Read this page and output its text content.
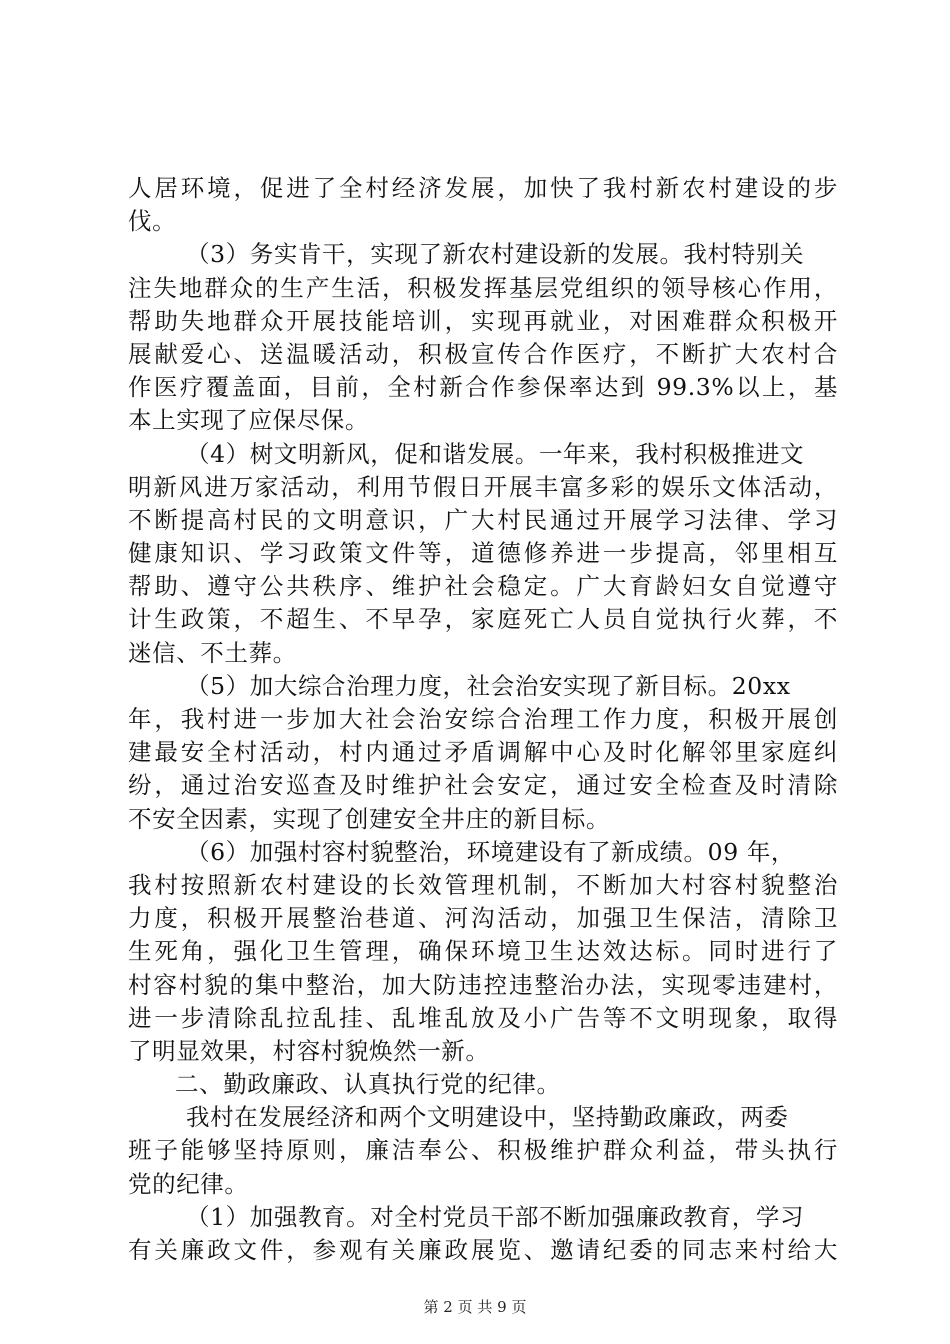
人居环境，促进了全村经济发展，加快了我村新农村建设的步
伐。
（3）务实肯干，实现了新农村建设新的发展。我村特别关
注失地群众的生产生活，积极发挥基层党组织的领导核心作用，
帮助失地群众开展技能培训，实现再就业，对困难群众积极开
展献爱心、送温暖活动，积极宣传合作医疗，不断扩大农村合
作医疗覆盖面，目前，全村新合作参保率达到 99.3%以上，基
本上实现了应保尽保。
（4）树文明新风，促和谐发展。一年来，我村积极推进文
明新风进万家活动，利用节假日开展丰富多彩的娱乐文体活动，
不断提高村民的文明意识，广大村民通过开展学习法律、学习
健康知识、学习政策文件等，道德修养进一步提高，邻里相互
帮助、遵守公共秩序、维护社会稳定。广大育龄妇女自觉遵守
计生政策，不超生、不早孕，家庭死亡人员自觉执行火葬，不
迷信、不土葬。
（5）加大综合治理力度，社会治安实现了新目标。20xx
年，我村进一步加大社会治安综合治理工作力度，积极开展创
建最安全村活动，村内通过矛盾调解中心及时化解邻里家庭纠
纷，通过治安巡查及时维护社会安定，通过安全检查及时清除
不安全因素，实现了创建安全井庄的新目标。
（6）加强村容村貌整治，环境建设有了新成绩。09 年，
我村按照新农村建设的长效管理机制，不断加大村容村貌整治
力度，积极开展整治巷道、河沟活动，加强卫生保洁，清除卫
生死角，强化卫生管理，确保环境卫生达效达标。同时进行了
村容村貌的集中整治，加大防违控违整治办法，实现零违建村，
进一步清除乱拉乱挂、乱堆乱放及小广告等不文明现象，取得
了明显效果，村容村貌焕然一新。
二、勤政廉政、认真执行党的纪律。
我村在发展经济和两个文明建设中，坚持勤政廉政，两委
班子能够坚持原则，廉洁奉公、积极维护群众利益，带头执行
党的纪律。
（1）加强教育。对全村党员干部不断加强廉政教育，学习
有关廉政文件，参观有关廉政展览、邀请纪委的同志来村给大
第 2 页 共 9 页
